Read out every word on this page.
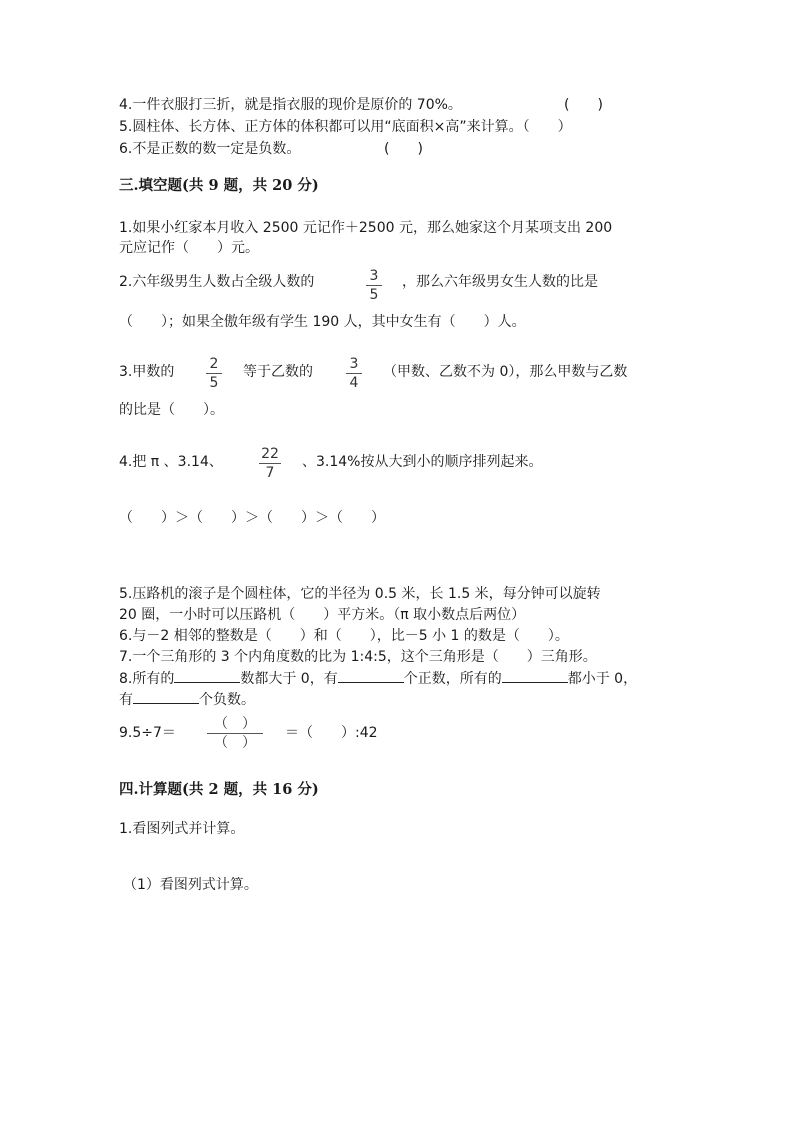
4.一件衣服打三折，就是指衣服的现价是原价的 70%。	(　　)
5.圆柱体、长方体、正方体的体积都可以用“底面积×高”来计算。（　　）
6.不是正数的数一定是负数。	(　　)
三.填空题(共 9 题，共 20 分)
1.如果小红家本月收入 2500 元记作＋2500 元，那么她家这个月某项支出 200
元应记作（　　）元。
2.六年级男生人数占全级人数的	3
5
，那么六年级男女生人数的比是
（　　）；如果全傲年级有学生 190 人，其中女生有（　　）人。
3.甲数的	2
5
等于乙数的	3
4
（甲数、乙数不为 0），那么甲数与乙数
的比是（　　）。
4.把 π 、3.14、	22
7
、3.14%按从大到小的顺序排列起来。
（　　）＞（　　）＞（　　）＞（　　）
5.压路机的滚子是个圆柱体，它的半径为 0.5 米，长 1.5 米，每分钟可以旋转
20 圈，一小时可以压路机（　　）平方米。（π 取小数点后两位）
6.与－2 相邻的整数是（　　）和（　　），比－5 小 1 的数是（　　）。
7.一个三角形的 3 个内角度数的比为 1:4:5，这个三角形是（　　）三角形。
8.所有的	数都大于 0，有	个正数，所有的	都小于 0，
有	个负数。
9.5÷7＝
（　）
（　）
＝（　　）:42
四.计算题(共 2 题，共 16 分)
1.看图列式并计算。
（1）看图列式计算。
